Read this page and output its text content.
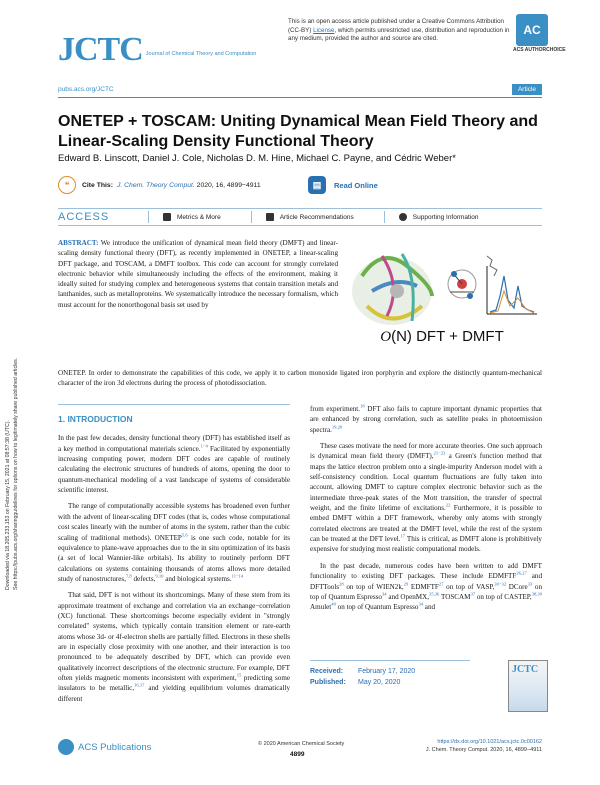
Downloaded via 18.205.233.153 on February 15, 2021 at 08:57:38 (UTC). See https://pubs.acs.org/sharingguidelines for options on how to legitimately share published articles.
JCTC Journal of Chemical Theory and Computation
This is an open access article published under a Creative Commons Attribution (CC-BY) License, which permits unrestricted use, distribution and reproduction in any medium, provided the author and source are cited.
AC
ACS AUTHORCHOICE
pubs.acs.org/JCTC	Article
ONETEP + TOSCAM: Uniting Dynamical Mean Field Theory and Linear-Scaling Density Functional Theory
Edward B. Linscott, Daniel J. Cole, Nicholas D. M. Hine, Michael C. Payne, and Cédric Weber*
❝	Cite This: J. Chem. Theory Comput.
2020, 16, 4899−4911	▤	Read Online
ACCESS	Metrics & More	Article Recommendations	Supporting Information
ABSTRACT: We introduce the unification of dynamical mean field theory (DMFT) and linear-scaling density functional theory (DFT), as recently implemented in ONETEP, a linear-scaling DFT package, and TOSCAM, a DMFT toolbox. This code can account for strongly correlated electronic behavior while simultaneously including the effects of the environment, making it ideally suited for studying complex and heterogeneous systems that contain transition metals and lanthanides, such as metalloproteins. We systematically introduce the necessary formalism, which must account for the nonorthogonal basis set used by
O(N) DFT + DMFT
ONETEP. In order to demonstrate the capabilities of this code, we apply it to carbon monoxide ligated iron porphyrin and explore the distinctly quantum-mechanical character of the iron 3d electrons during the process of photodissociation.
1. INTRODUCTION

In the past few decades, density functional theory (DFT) has established itself as a key method in computational materials science.$^{1-4}$ Facilitated by exponentially increasing computing power, modern DFT codes are capable of routinely calculating the electronic structures of hundreds of atoms, opening the door to quantum-mechanical modeling of a vast landscape of systems of considerable scientific interest.

The range of computationally accessible systems has broadened even further with the advent of linear-scaling DFT codes (that is, codes whose computational cost scales linearly with the number of atoms in the system, rather than the cubic scaling of traditional methods). ONETEP$^{5,6}$ is one such code, notable for its equivalence to plane-wave approaches due to the in situ optimization of its basis (a set of local Wannier-like orbitals). Its ability to routinely perform DFT calculations on systems containing thousands of atoms allows more detailed study of nanostructures,$^{7,8}$ defects,$^{9,10}$ and biological systems.$^{11-14}$

That said, DFT is not without its shortcomings. Many of these stem from its approximate treatment of exchange and correlation via an exchange−correlation (XC) functional. These shortcomings become especially evident in "strongly correlated" systems, which typically contain transition element or rare-earth atoms whose 3d- or 4f-electron shells are partially filled. Electrons in these shells are in especially close proximity with one another, and their interaction is too pronounced to be adequately described by DFT, which can provide even qualitatively incorrect descriptions of the electronic structure. For example, DFT often yields magnetic moments inconsistent with experiment,$^{15}$ predicting some insulators to be metallic,$^{16,17}$ and yielding equilibrium volumes dramatically different

from experiment.$^{18}$ DFT also fails to capture important dynamic properties that are enhanced by strong correlation, such as satellite peaks in photoemission spectra.$^{19,20}$

These cases motivate the need for more accurate theories. One such approach is dynamical mean field theory (DMFT),$^{21-23}$ a Green's function method that maps the lattice electron problem onto a single-impurity Anderson model with a self-consistency condition. Local quantum fluctuations are fully taken into account, allowing DMFT to capture complex electronic behavior such as the intermediate three-peak states of the Mott transition, the transfer of spectral weight, and the finite lifetime of excitations.$^{22}$ Furthermore, it is possible to embed DMFT within a DFT framework, whereby only atoms with strongly correlated electrons are treated at the DMFT level, while the rest of the system can be treated at the DFT level.$^{17}$ This is critical, as DMFT alone is prohibitively expensive for studying most realistic computational models.

In the past decade, numerous codes have been written to add DMFT functionality to existing DFT packages. These include EDMFTF$^{26,27}$ and DFTTools$^{28}$ on top of WIEN2k,$^{29}$ EDMFTF$^{27}$ on top of VASP,$^{30-32}$ DCore$^{33}$ on top of Quantum Espresso$^{34}$ and OpenMX,$^{35,36}$ TOSCAM$^{37}$ on top of CASTEP,$^{38,39}$ Amulet$^{40}$ on top of Quantum Espresso$^{34}$ and

Received: February 17, 2020
Published: May 20, 2020
JCTC
ACS Publications	© 2020 American Chemical Society
4899
https://dx.doi.org/10.1021/acs.jctc.0c00162
J. Chem. Theory Comput. 2020, 16, 4899−4911
